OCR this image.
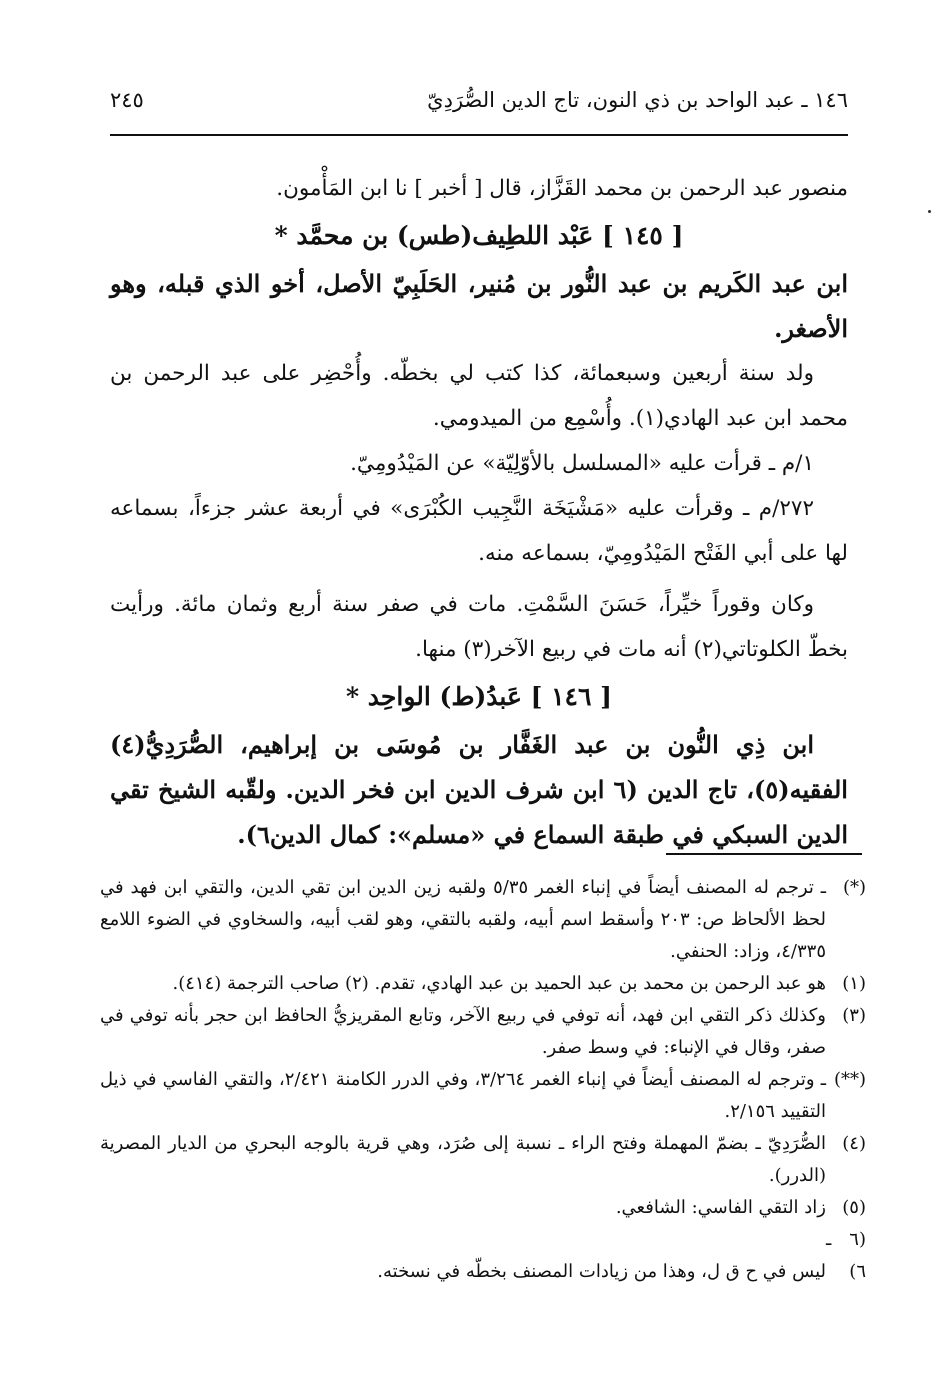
١٤٦ ـ عبد الواحد بن ذي النون، تاج الدين الصُّرَدِيّ
٢٤٥

منصور عبد الرحمن بن محمد القَزَّاز، قال [ أخبر ] نا ابن المَأْمون.

[ ١٤٥ ] عَبْد اللطِيف(طس) بن محمَّد *

ابن عبد الكَريم بن عبد النُّور بن مُنير، الحَلَبِيّ الأصل، أخو الذي قبله، وهو الأصغر.

ولد سنة أربعين وسبعمائة، كذا كتب لي بخطّه. وأُحْضِر على عبد الرحمن بن محمد ابن عبد الهادي(١). وأُسْمِع من الميدومي.

١/م ـ قرأت عليه «المسلسل بالأوّلِيّة» عن المَيْدُومِيّ.

٢٧٢/م ـ وقرأت عليه «مَشْيَخَة النَّجِيب الكُبْرَى» في أربعة عشر جزءاً، بسماعه لها على أبي الفَتْح المَيْدُومِيّ، بسماعه منه.

وكان وقوراً خيِّراً، حَسَنَ السَّمْتِ. مات في صفر سنة أربع وثمان مائة. ورأيت بخطّ الكلوتاتي(٢) أنه مات في ربيع الآخر(٣) منها.

[ ١٤٦ ] عَبدُ(ط) الواحِد *

ابن ذِي النُّون بن عبد الغَفَّار بن مُوسَى بن إبراهيم، الصُّرَدِيُّ(٤) الفقيه(٥)، تاج الدين (٦ ابن شرف الدين ابن فخر الدين. ولقّبه الشيخ تقي الدين السبكي في طبقة السماع في «مسلم»: كمال الدين٦).

(*)ـ ترجم له المصنف أيضاً في إنباء الغمر ٥/٣٥ ولقبه زين الدين ابن تقي الدين، والتقي ابن فهد في لحظ الألحاظ ص: ٢٠٣ وأسقط اسم أبيه، ولقبه بالتقي، وهو لقب أبيه، والسخاوي في الضوء اللامع ٤/٣٣٥، وزاد: الحنفي.

(١)هو عبد الرحمن بن محمد بن عبد الحميد بن عبد الهادي، تقدم. (٢) صاحب الترجمة (٤١٤).

(٣)وكذلك ذكر التقي ابن فهد، أنه توفي في ربيع الآخر، وتابع المقريزيُّ الحافظ ابن حجر بأنه توفي في صفر، وقال في الإنباء: في وسط صفر.

(**)ـ وترجم له المصنف أيضاً في إنباء الغمر ٣/٢٦٤، وفي الدرر الكامنة ٢/٤٢١، والتقي الفاسي في ذيل التقييد ٢/١٥٦.

(٤)الصُّرَدِيّ ـ بضمّ المهملة وفتح الراء ـ نسبة إلى صُرَد، وهي قرية بالوجه البحري من الديار المصرية (الدرر).

(٥)زاد التقي الفاسي: الشافعي.

(٦ ـ ٦)ليس في ح ق ل، وهذا من زيادات المصنف بخطّه في نسخته.
